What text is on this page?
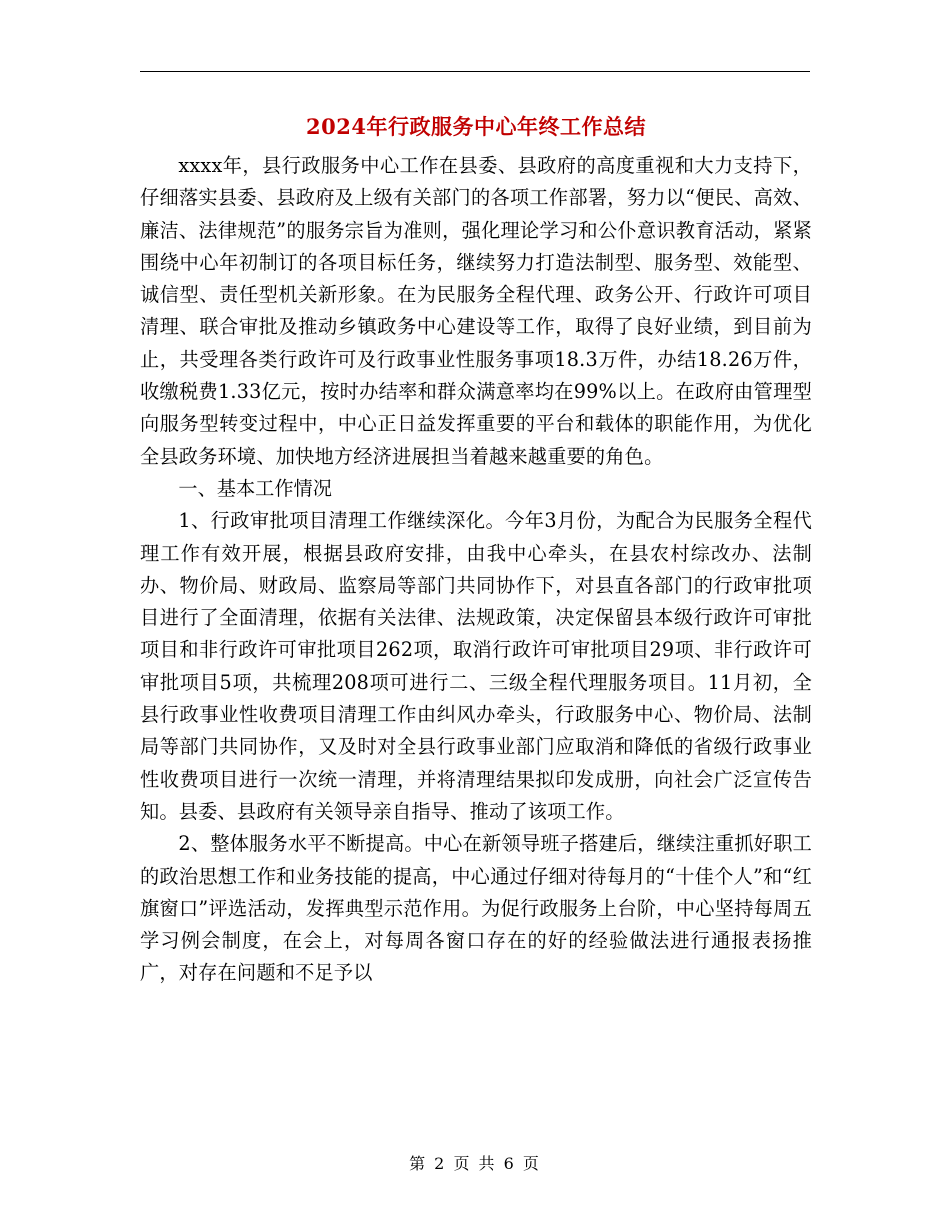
2024年行政服务中心年终工作总结

xxxx年，县行政服务中心工作在县委、县政府的高度重视和大力支持下，仔细落实县委、县政府及上级有关部门的各项工作部署，努力以“便民、高效、廉洁、法律规范”的服务宗旨为准则，强化理论学习和公仆意识教育活动，紧紧围绕中心年初制订的各项目标任务，继续努力打造法制型、服务型、效能型、诚信型、责任型机关新形象。在为民服务全程代理、政务公开、行政许可项目清理、联合审批及推动乡镇政务中心建设等工作，取得了良好业绩，到目前为止，共受理各类行政许可及行政事业性服务事项18.3万件，办结18.26万件，收缴税费1.33亿元，按时办结率和群众满意率均在99%以上。在政府由管理型向服务型转变过程中，中心正日益发挥重要的平台和载体的职能作用，为优化全县政务环境、加快地方经济进展担当着越来越重要的角色。

一、基本工作情况

1、行政审批项目清理工作继续深化。今年3月份，为配合为民服务全程代理工作有效开展，根据县政府安排，由我中心牵头，在县农村综改办、法制办、物价局、财政局、监察局等部门共同协作下，对县直各部门的行政审批项目进行了全面清理，依据有关法律、法规政策，决定保留县本级行政许可审批项目和非行政许可审批项目262项，取消行政许可审批项目29项、非行政许可审批项目5项，共梳理208项可进行二、三级全程代理服务项目。11月初，全县行政事业性收费项目清理工作由纠风办牵头，行政服务中心、物价局、法制局等部门共同协作，又及时对全县行政事业部门应取消和降低的省级行政事业性收费项目进行一次统一清理，并将清理结果拟印发成册，向社会广泛宣传告知。县委、县政府有关领导亲自指导、推动了该项工作。

2、整体服务水平不断提高。中心在新领导班子搭建后，继续注重抓好职工的政治思想工作和业务技能的提高，中心通过仔细对待每月的“十佳个人”和“红旗窗口”评选活动，发挥典型示范作用。为促行政服务上台阶，中心坚持每周五学习例会制度，在会上，对每周各窗口存在的好的经验做法进行通报表扬推广，对存在问题和不足予以

第 2 页 共 6 页
